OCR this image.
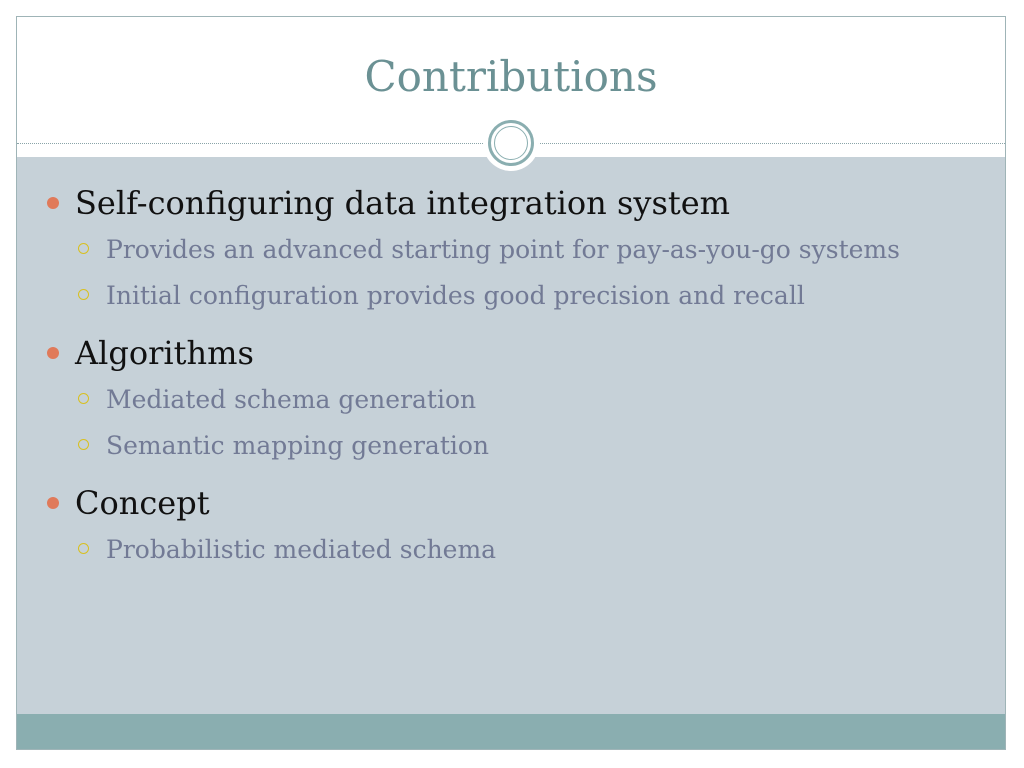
Contributions
Self-configuring data integration system
Provides an advanced starting point for pay-as-you-go systems
Initial configuration provides good precision and recall
Algorithms
Mediated schema generation
Semantic mapping generation
Concept
Probabilistic mediated schema
